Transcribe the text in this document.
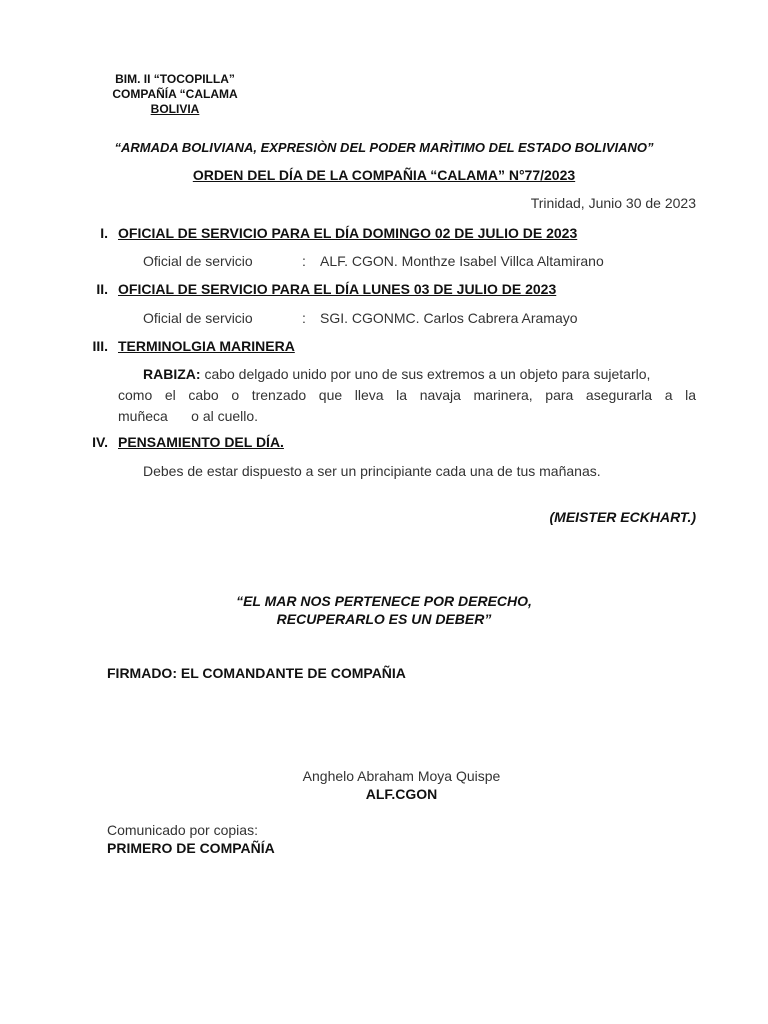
BIM. II “TOCOPILLA”
COMPAÑÍA “CALAMA
BOLIVIA
“ARMADA BOLIVIANA, EXPRESIÒN DEL PODER MARÌTIMO DEL ESTADO BOLIVIANO”
ORDEN DEL DÍA DE LA COMPAÑIA “CALAMA” N°77/2023
Trinidad, Junio 30 de 2023
I. OFICIAL DE SERVICIO PARA EL DÍA DOMINGO 02 DE JULIO DE 2023
Oficial de servicio	: ALF. CGON. Monthze Isabel Villca Altamirano
II. OFICIAL DE SERVICIO PARA EL DÍA LUNES 03 DE JULIO DE 2023
Oficial de servicio	: SGI. CGONMC. Carlos Cabrera Aramayo
III. TERMINOLGIA MARINERA
RABIZA: cabo delgado unido por uno de sus extremos a un objeto para sujetarlo,
como el cabo o trenzado que lleva la navaja marinera, para asegurarla a la
muñeca      o al cuello.
IV. PENSAMIENTO DEL DÍA.
Debes de estar dispuesto a ser un principiante cada una de tus mañanas.
(MEISTER ECKHART.)
“EL MAR NOS PERTENECE POR DERECHO,
RECUPERARLO ES UN DEBER”
FIRMADO: EL COMANDANTE DE COMPAÑIA
Anghelo Abraham Moya Quispe
ALF.CGON
Comunicado por copias:
PRIMERO DE COMPAÑÍA
